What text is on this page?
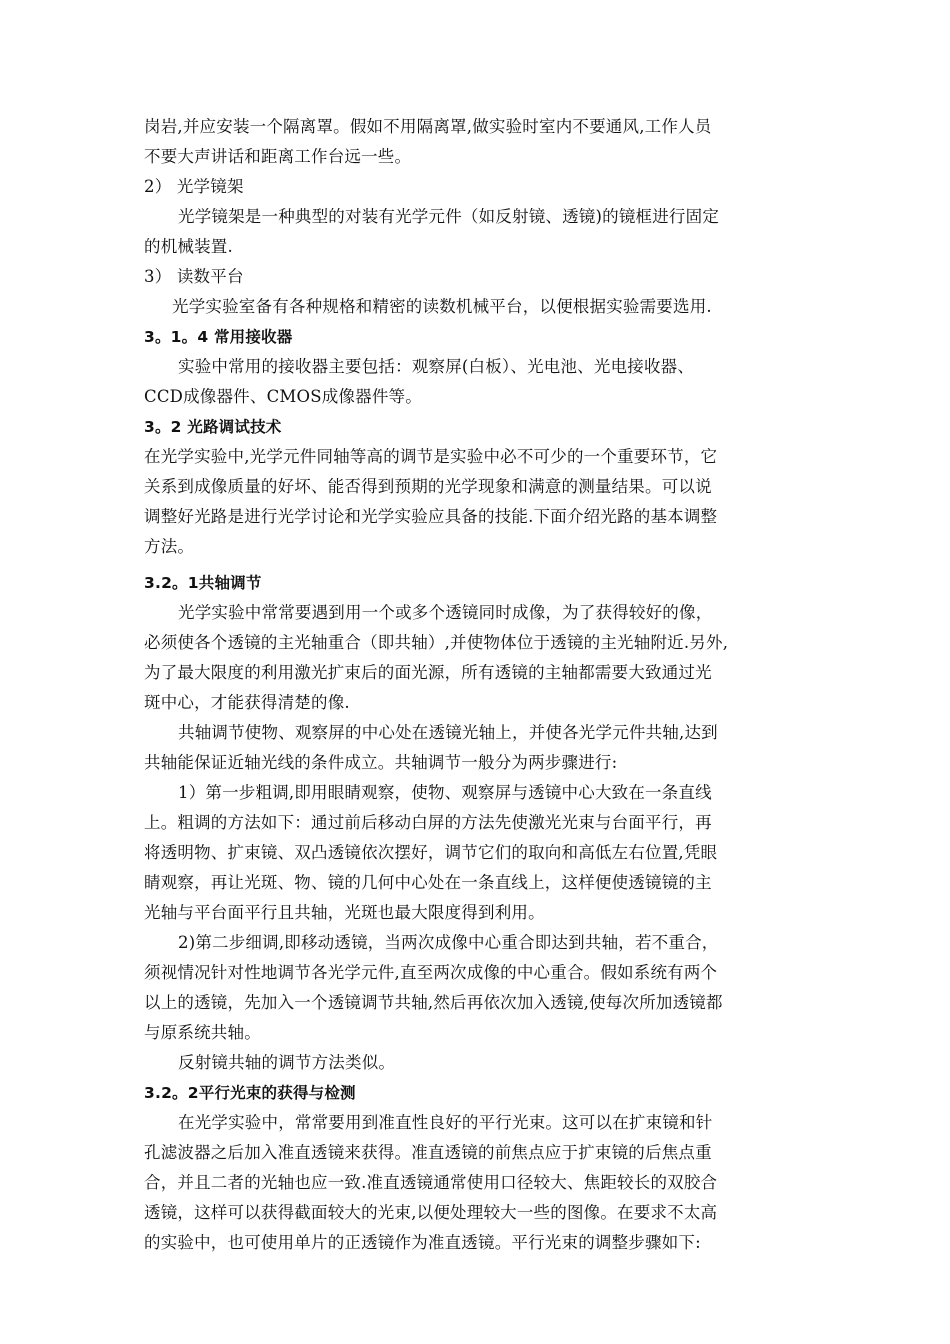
岗岩,并应安装一个隔离罩。假如不用隔离罩,做实验时室内不要通风,工作人员
不要大声讲话和距离工作台远一些。
2） 光学镜架
光学镜架是一种典型的对装有光学元件（如反射镜、透镜)的镜框进行固定
的机械装置.
3） 读数平台
光学实验室备有各种规格和精密的读数机械平台，以便根据实验需要选用.
3。1。4 常用接收器
实验中常用的接收器主要包括：观察屏(白板）、光电池、光电接收器、
CCD成像器件、CMOS成像器件等。
3。2 光路调试技术
在光学实验中,光学元件同轴等高的调节是实验中必不可少的一个重要环节，它
关系到成像质量的好坏、能否得到预期的光学现象和满意的测量结果。可以说
调整好光路是进行光学讨论和光学实验应具备的技能.下面介绍光路的基本调整
方法。
3.2。1共轴调节
光学实验中常常要遇到用一个或多个透镜同时成像，为了获得较好的像，
必须使各个透镜的主光轴重合（即共轴）,并使物体位于透镜的主光轴附近.另外,
为了最大限度的利用激光扩束后的面光源，所有透镜的主轴都需要大致通过光
斑中心，才能获得清楚的像.
共轴调节使物、观察屏的中心处在透镜光轴上，并使各光学元件共轴,达到
共轴能保证近轴光线的条件成立。共轴调节一般分为两步骤进行:
1）第一步粗调,即用眼睛观察，使物、观察屏与透镜中心大致在一条直线
上。粗调的方法如下：通过前后移动白屏的方法先使激光光束与台面平行，再
将透明物、扩束镜、双凸透镜依次摆好，调节它们的取向和高低左右位置,凭眼
睛观察，再让光斑、物、镜的几何中心处在一条直线上，这样便使透镜镜的主
光轴与平台面平行且共轴，光斑也最大限度得到利用。
2)第二步细调,即移动透镜，当两次成像中心重合即达到共轴，若不重合，
须视情况针对性地调节各光学元件,直至两次成像的中心重合。假如系统有两个
以上的透镜，先加入一个透镜调节共轴,然后再依次加入透镜,使每次所加透镜都
与原系统共轴。
反射镜共轴的调节方法类似。
3.2。2平行光束的获得与检测
在光学实验中，常常要用到准直性良好的平行光束。这可以在扩束镜和针
孔滤波器之后加入准直透镜来获得。准直透镜的前焦点应于扩束镜的后焦点重
合，并且二者的光轴也应一致.准直透镜通常使用口径较大、焦距较长的双胶合
透镜，这样可以获得截面较大的光束,以便处理较大一些的图像。在要求不太高
的实验中，也可使用单片的正透镜作为准直透镜。平行光束的调整步骤如下:
